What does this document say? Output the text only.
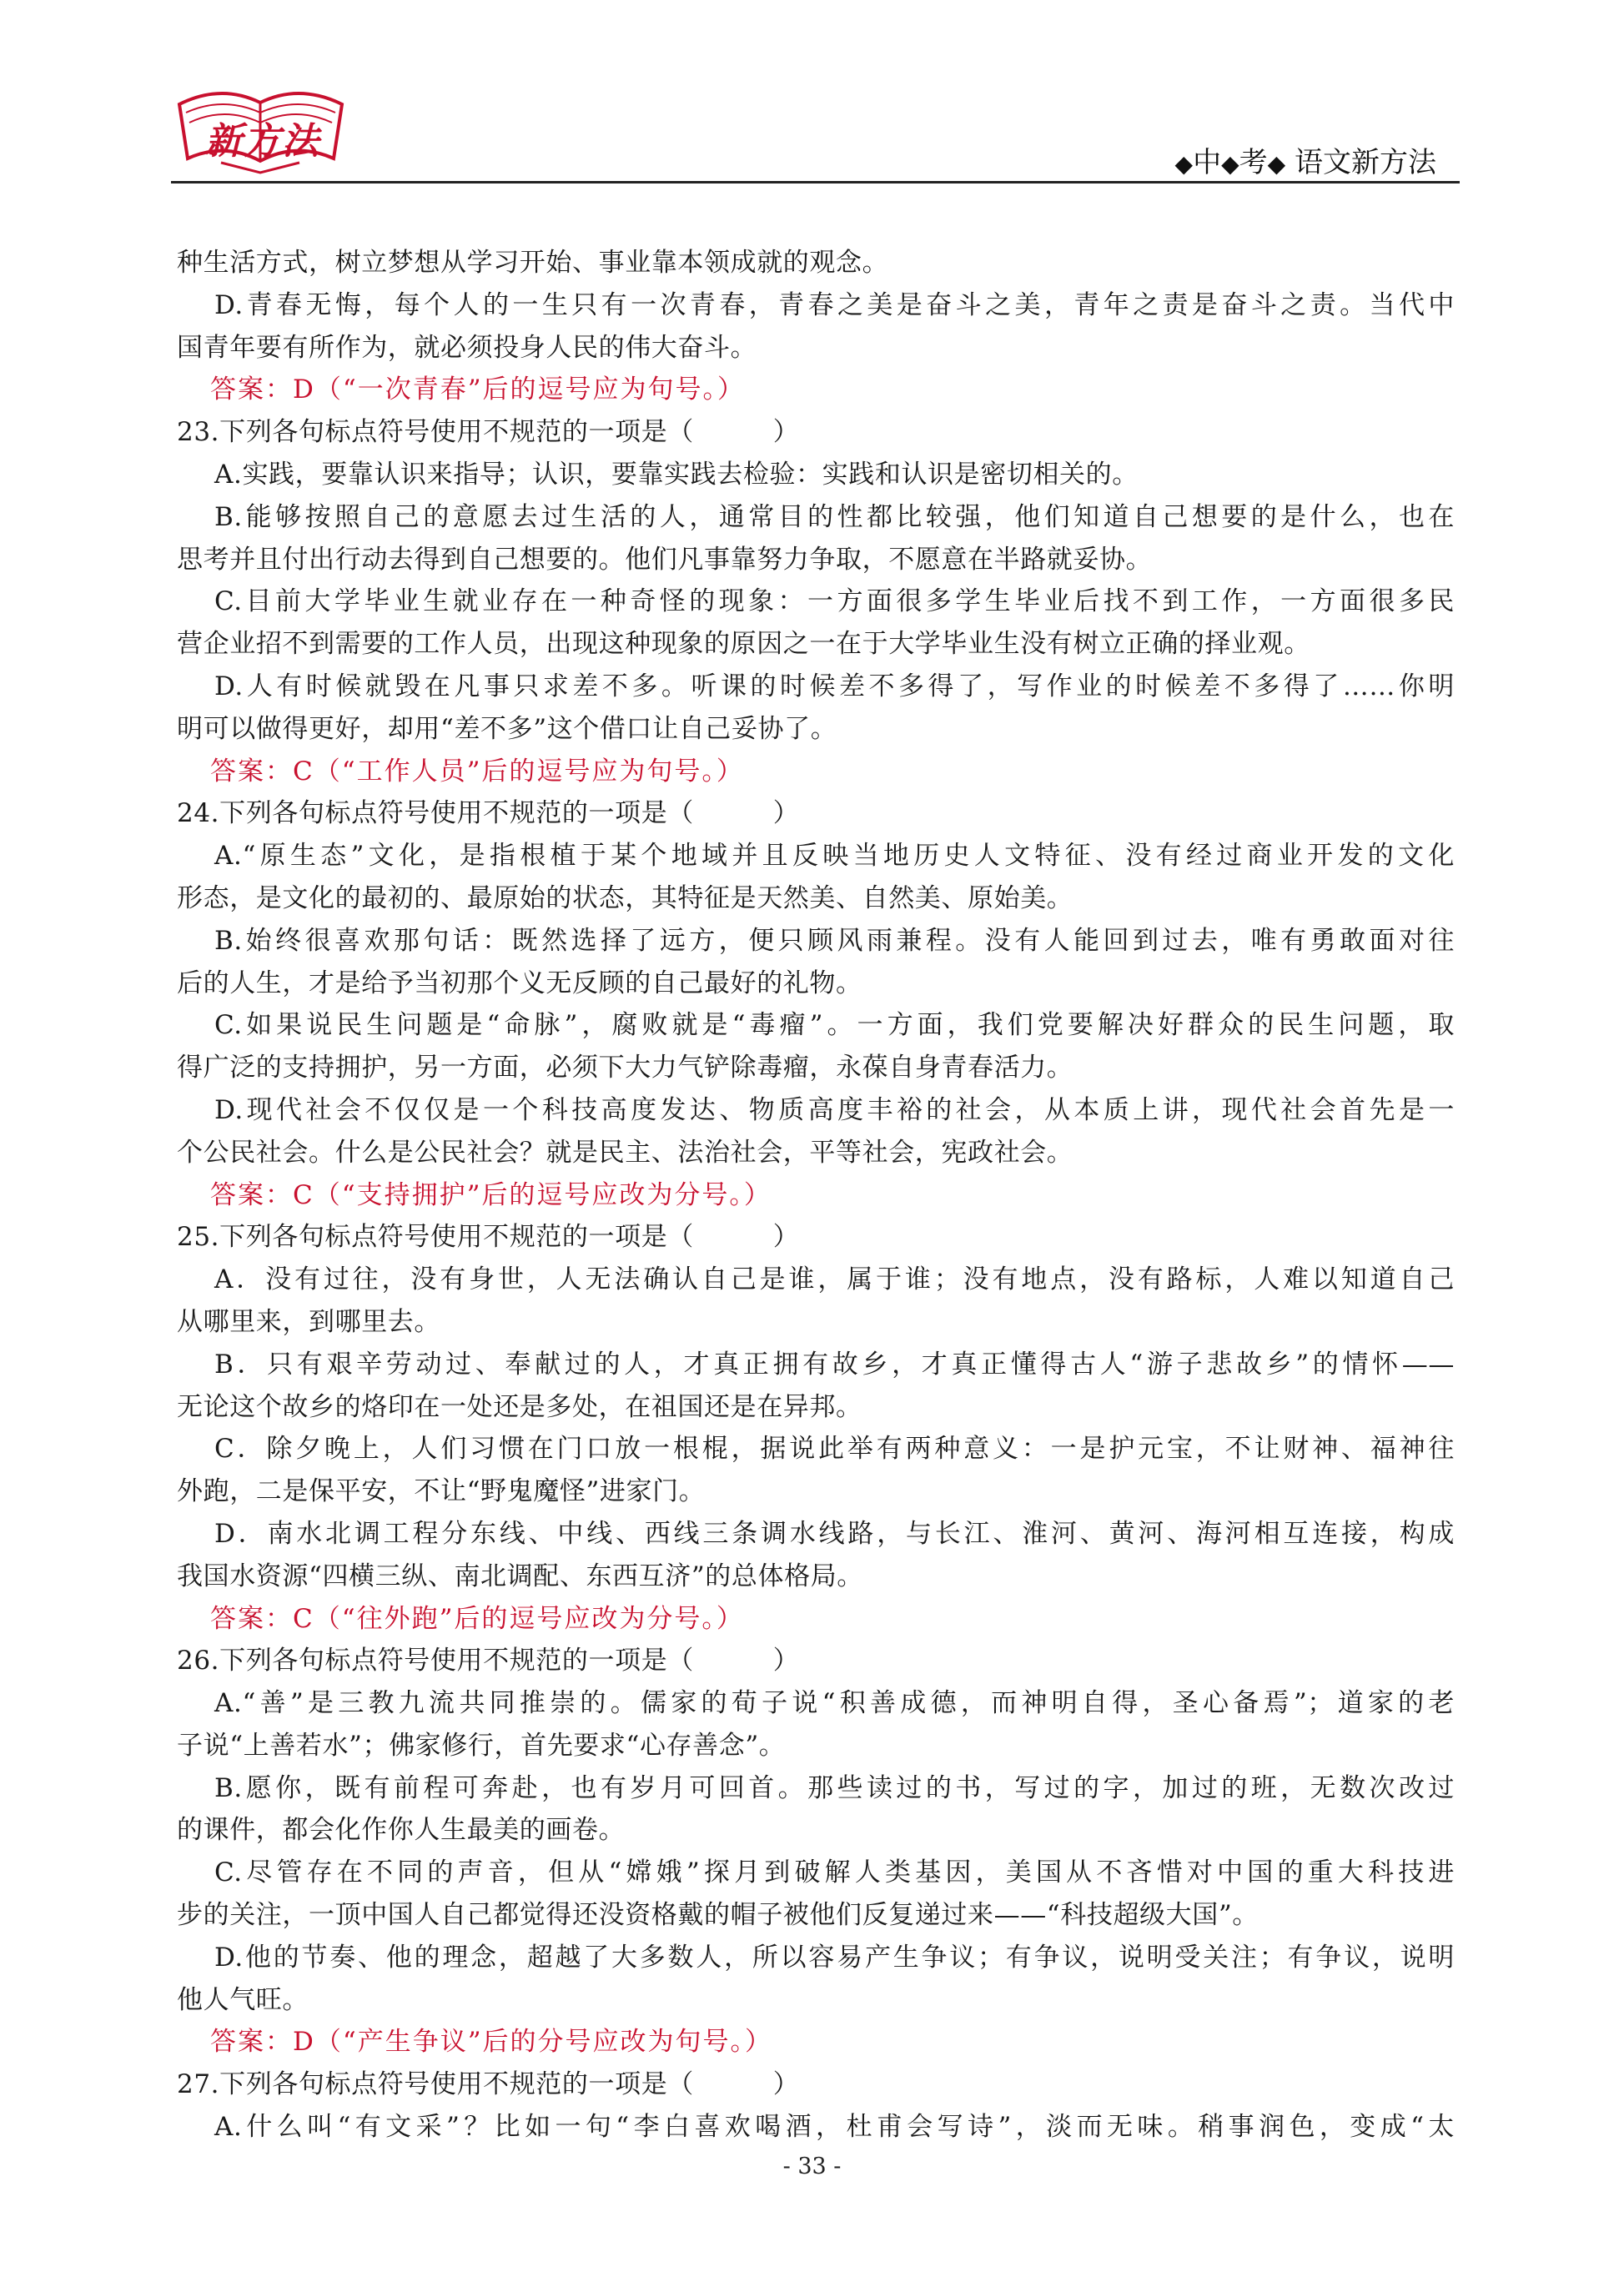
新方法
◆中◆考◆ 语文新方法
种生活方式，树立梦想从学习开始、事业靠本领成就的观念。
D.青春无悔，每个人的一生只有一次青春，青春之美是奋斗之美，青年之责是奋斗之责。当代中
国青年要有所作为，就必须投身人民的伟大奋斗。
答案：D（“一次青春”后的逗号应为句号。）
23.下列各句标点符号使用不规范的一项是（　　　）
A.实践，要靠认识来指导；认识，要靠实践去检验：实践和认识是密切相关的。
B.能够按照自己的意愿去过生活的人，通常目的性都比较强，他们知道自己想要的是什么，也在
思考并且付出行动去得到自己想要的。他们凡事靠努力争取，不愿意在半路就妥协。
C.目前大学毕业生就业存在一种奇怪的现象：一方面很多学生毕业后找不到工作，一方面很多民
营企业招不到需要的工作人员，出现这种现象的原因之一在于大学毕业生没有树立正确的择业观。
D.人有时候就毁在凡事只求差不多。听课的时候差不多得了，写作业的时候差不多得了……你明
明可以做得更好，却用“差不多”这个借口让自己妥协了。
答案：C（“工作人员”后的逗号应为句号。）
24.下列各句标点符号使用不规范的一项是（　　　）
A.“原生态”文化，是指根植于某个地域并且反映当地历史人文特征、没有经过商业开发的文化
形态，是文化的最初的、最原始的状态，其特征是天然美、自然美、原始美。
B.始终很喜欢那句话：既然选择了远方，便只顾风雨兼程。没有人能回到过去，唯有勇敢面对往
后的人生，才是给予当初那个义无反顾的自己最好的礼物。
C.如果说民生问题是“命脉”，腐败就是“毒瘤”。一方面，我们党要解决好群众的民生问题，取
得广泛的支持拥护，另一方面，必须下大力气铲除毒瘤，永葆自身青春活力。
D.现代社会不仅仅是一个科技高度发达、物质高度丰裕的社会，从本质上讲，现代社会首先是一
个公民社会。什么是公民社会？就是民主、法治社会，平等社会，宪政社会。
答案：C（“支持拥护”后的逗号应改为分号。）
25.下列各句标点符号使用不规范的一项是（　　　）
A．没有过往，没有身世，人无法确认自己是谁，属于谁；没有地点，没有路标，人难以知道自己
从哪里来，到哪里去。
B．只有艰辛劳动过、奉献过的人，才真正拥有故乡，才真正懂得古人“游子悲故乡”的情怀——
无论这个故乡的烙印在一处还是多处，在祖国还是在异邦。
C．除夕晚上，人们习惯在门口放一根棍，据说此举有两种意义：一是护元宝，不让财神、福神往
外跑，二是保平安，不让“野鬼魔怪”进家门。
D．南水北调工程分东线、中线、西线三条调水线路，与长江、淮河、黄河、海河相互连接，构成
我国水资源“四横三纵、南北调配、东西互济”的总体格局。
答案：C（“往外跑”后的逗号应改为分号。）
26.下列各句标点符号使用不规范的一项是（　　　）
A.“善”是三教九流共同推崇的。儒家的荀子说“积善成德，而神明自得，圣心备焉”；道家的老
子说“上善若水”；佛家修行，首先要求“心存善念”。
B.愿你，既有前程可奔赴，也有岁月可回首。那些读过的书，写过的字，加过的班，无数次改过
的课件，都会化作你人生最美的画卷。
C.尽管存在不同的声音，但从“嫦娥”探月到破解人类基因，美国从不吝惜对中国的重大科技进
步的关注，一顶中国人自己都觉得还没资格戴的帽子被他们反复递过来——“科技超级大国”。
D.他的节奏、他的理念，超越了大多数人，所以容易产生争议；有争议，说明受关注；有争议，说明
他人气旺。
答案：D（“产生争议”后的分号应改为句号。）
27.下列各句标点符号使用不规范的一项是（　　　）
A.什么叫“有文采”？比如一句“李白喜欢喝酒，杜甫会写诗”，淡而无味。稍事润色，变成“太
- 33 -
